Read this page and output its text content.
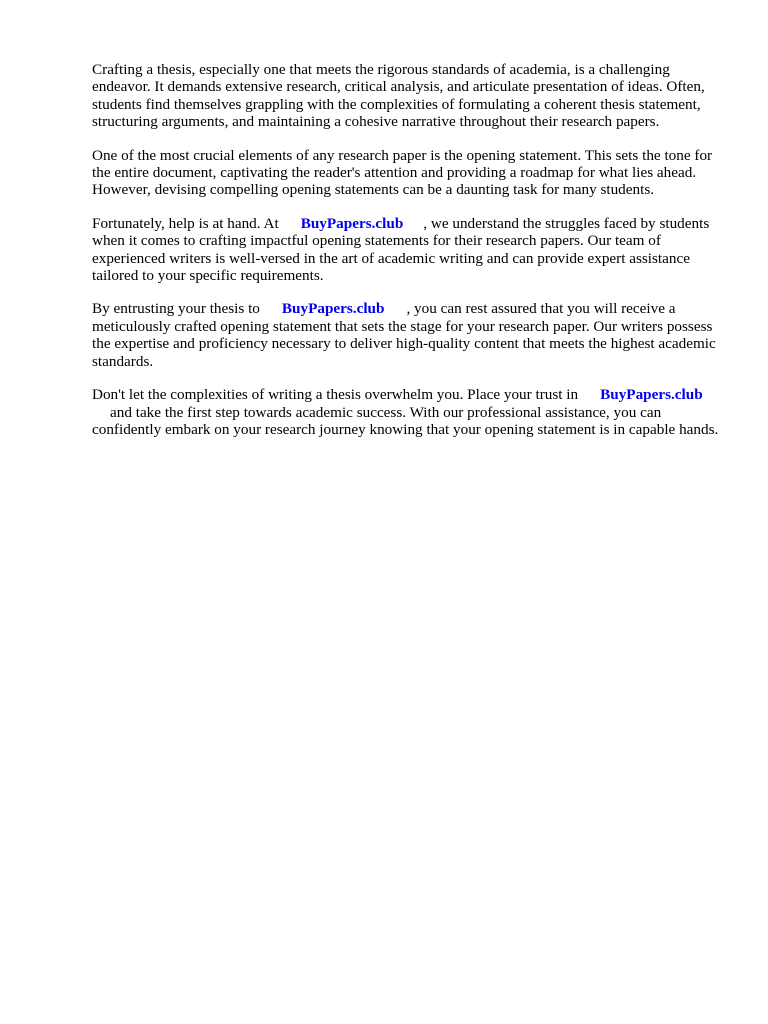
Crafting a thesis, especially one that meets the rigorous standards of academia, is a challenging endeavor. It demands extensive research, critical analysis, and articulate presentation of ideas. Often, students find themselves grappling with the complexities of formulating a coherent thesis statement, structuring arguments, and maintaining a cohesive narrative throughout their research papers.

One of the most crucial elements of any research paper is the opening statement. This sets the tone for the entire document, captivating the reader's attention and providing a roadmap for what lies ahead. However, devising compelling opening statements can be a daunting task for many students.

Fortunately, help is at hand. At BuyPapers.club , we understand the struggles faced by students when it comes to crafting impactful opening statements for their research papers. Our team of experienced writers is well-versed in the art of academic writing and can provide expert assistance tailored to your specific requirements.

By entrusting your thesis to BuyPapers.club , you can rest assured that you will receive a meticulously crafted opening statement that sets the stage for your research paper. Our writers possess the expertise and proficiency necessary to deliver high-quality content that meets the highest academic standards.

Don't let the complexities of writing a thesis overwhelm you. Place your trust in BuyPapers.club
and take the first step towards academic success. With our professional assistance, you can confidently embark on your research journey knowing that your opening statement is in capable hands.
